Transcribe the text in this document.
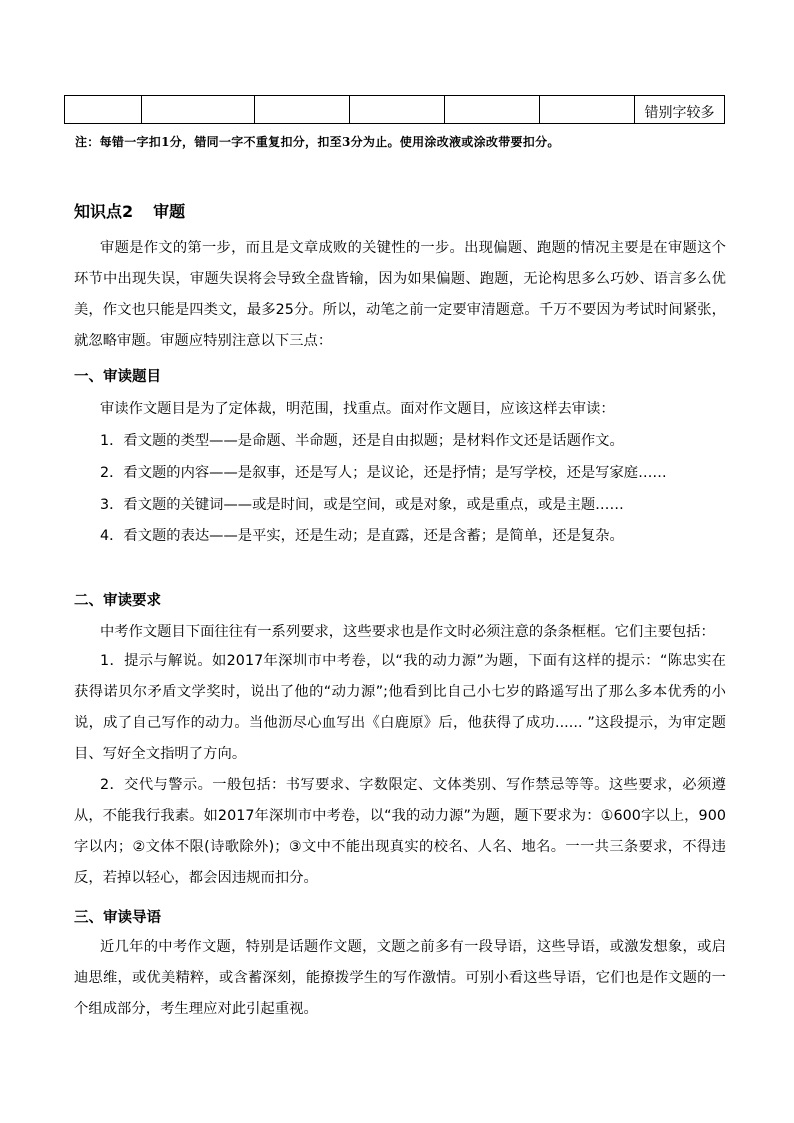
						错别字较多
注：每错一字扣1分，错同一字不重复扣分，扣至3分为止。使用涂改液或涂改带要扣分。
知识点2 审题
审题是作文的第一步，而且是文章成败的关键性的一步。出现偏题、跑题的情况主要是在审题这个环节中出现失误，审题失误将会导致全盘皆输，因为如果偏题、跑题，无论构思多么巧妙、语言多么优美，作文也只能是四类文，最多25分。所以，动笔之前一定要审清题意。千万不要因为考试时间紧张，就忽略审题。审题应特别注意以下三点：
一、审读题目
审读作文题目是为了定体裁，明范围，找重点。面对作文题目，应该这样去审读：
1．看文题的类型——是命题、半命题，还是自由拟题；是材料作文还是话题作文。
2．看文题的内容——是叙事，还是写人；是议论，还是抒情；是写学校，还是写家庭……
3．看文题的关键词——或是时间，或是空间，或是对象，或是重点，或是主题……
4．看文题的表达——是平实，还是生动；是直露，还是含蓄；是简单，还是复杂。
二、审读要求
中考作文题目下面往往有一系列要求，这些要求也是作文时必须注意的条条框框。它们主要包括：
1．提示与解说。如2017年深圳市中考卷，以“我的动力源”为题，下面有这样的提示：“陈忠实在获得诺贝尔矛盾文学奖时，说出了他的“动力源”;他看到比自己小七岁的路遥写出了那么多本优秀的小说，成了自己写作的动力。当他沥尽心血写出《白鹿原》后，他获得了成功...... ”这段提示，为审定题目、写好全文指明了方向。
2．交代与警示。一般包括：书写要求、字数限定、文体类别、写作禁忌等等。这些要求，必须遵从，不能我行我素。如2017年深圳市中考卷，以“我的动力源”为题，题下要求为：①600字以上，900字以内；②文体不限(诗歌除外)；③文中不能出现真实的校名、人名、地名。一一共三条要求，不得违反，若掉以轻心，都会因违规而扣分。
三、审读导语
近几年的中考作文题，特别是话题作文题，文题之前多有一段导语，这些导语，或激发想象，或启迪思维，或优美精粹，或含蓄深刻，能撩拨学生的写作激情。可别小看这些导语，它们也是作文题的一个组成部分，考生理应对此引起重视。
